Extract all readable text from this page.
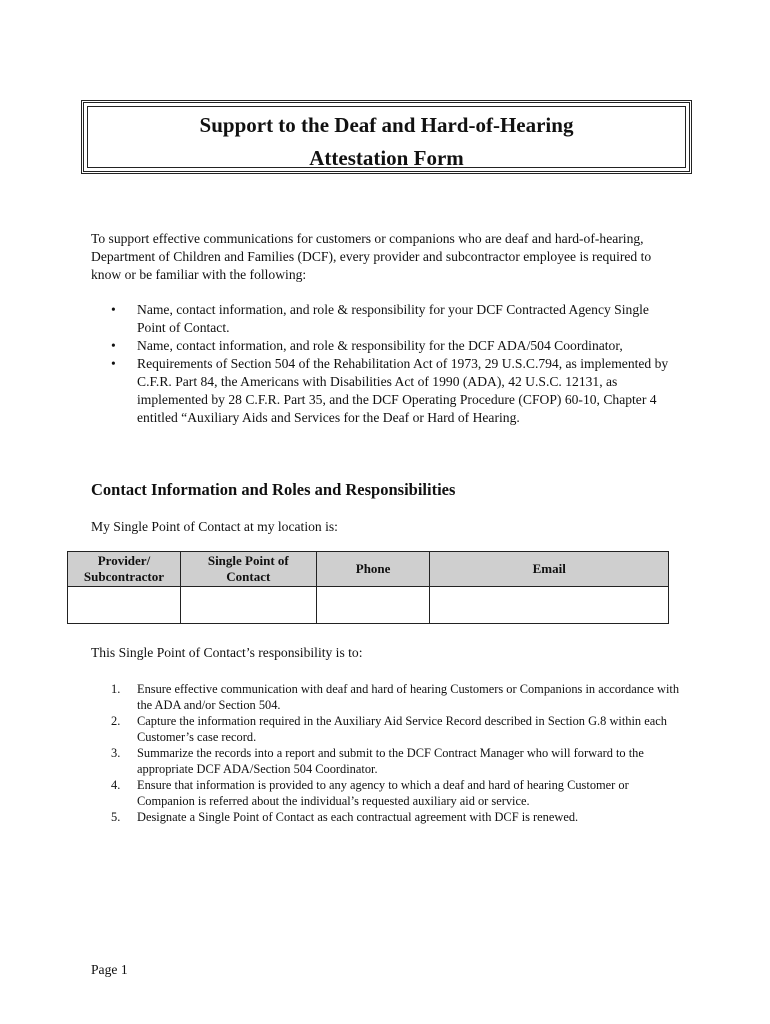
Support to the Deaf and Hard-of-Hearing
Attestation Form
To support effective communications for customers or companions who are deaf and hard-of-hearing, Department of Children and Families (DCF), every provider and subcontractor employee is required to know or be familiar with the following:
• Name, contact information, and role & responsibility for your DCF Contracted Agency Single Point of Contact.
• Name, contact information, and role & responsibility for the DCF ADA/504 Coordinator,
• Requirements of Section 504 of the Rehabilitation Act of 1973, 29 U.S.C.794, as implemented by C.F.R. Part 84, the Americans with Disabilities Act of 1990 (ADA), 42 U.S.C. 12131, as implemented by 28 C.F.R. Part 35, and the DCF Operating Procedure (CFOP) 60-10, Chapter 4 entitled “Auxiliary Aids and Services for the Deaf or Hard of Hearing.
Contact Information and Roles and Responsibilities
My Single Point of Contact at my location is:
Provider/ Subcontractor	Single Point of Contact	Phone	Email

This Single Point of Contact’s responsibility is to:
1. Ensure effective communication with deaf and hard of hearing Customers or Companions in accordance with the ADA and/or Section 504.
2. Capture the information required in the Auxiliary Aid Service Record described in Section G.8 within each Customer’s case record.
3. Summarize the records into a report and submit to the DCF Contract Manager who will forward to the appropriate DCF ADA/Section 504 Coordinator.
4. Ensure that information is provided to any agency to which a deaf and hard of hearing Customer or Companion is referred about the individual’s requested auxiliary aid or service.
5. Designate a Single Point of Contact as each contractual agreement with DCF is renewed.
Page 1
